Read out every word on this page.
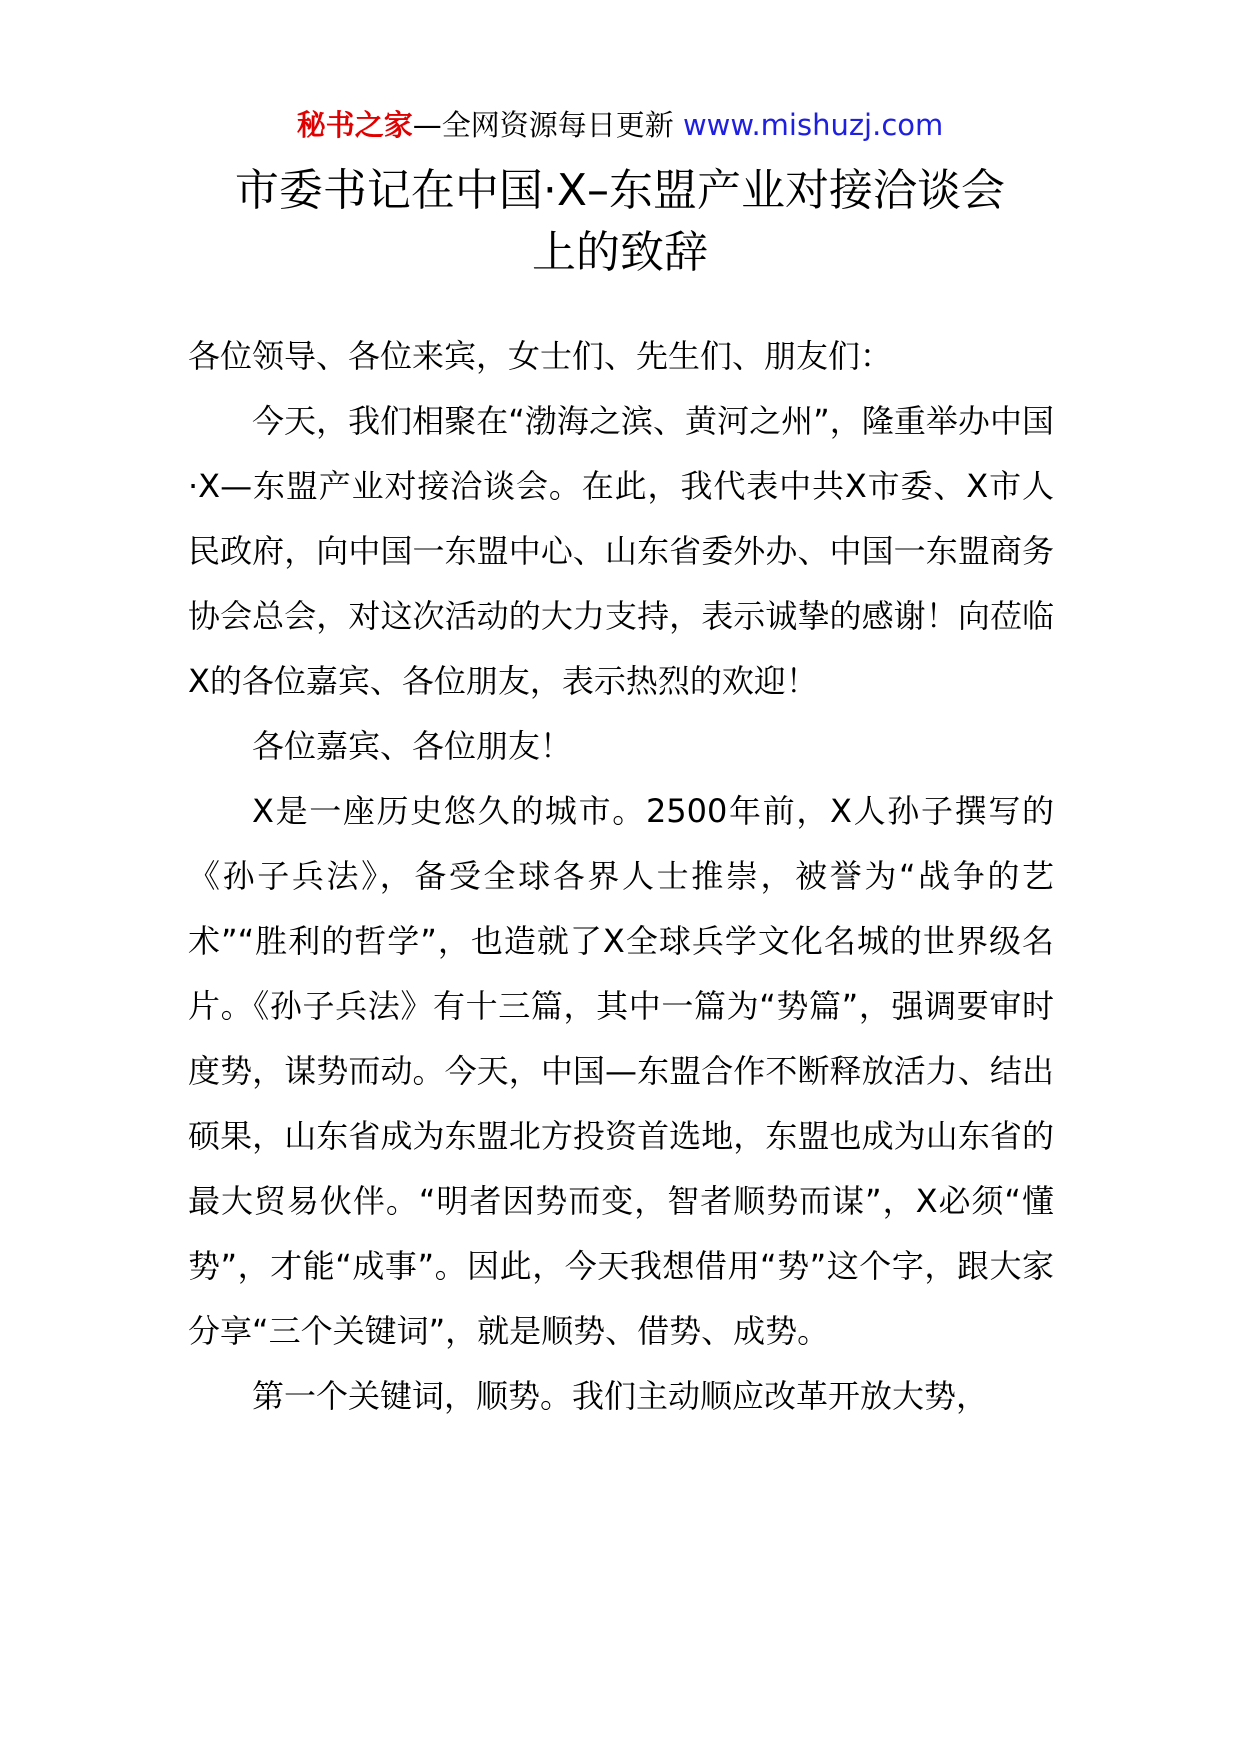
秘书之家—全网资源每日更新 www.mishuzj.com
市委书记在中国·X–东盟产业对接洽谈会
上的致辞

各位领导、各位来宾，女士们、先生们、朋友们：

今天，我们相聚在“渤海之滨、黄河之州”，隆重举办中国·X—东盟产业对接洽谈会。在此，我代表中共X市委、X市人民政府，向中国一东盟中心、山东省委外办、中国一东盟商务协会总会，对这次活动的大力支持，表示诚挚的感谢！向莅临X的各位嘉宾、各位朋友，表示热烈的欢迎！

各位嘉宾、各位朋友！

X是一座历史悠久的城市。2500年前，X人孙子撰写的《孙子兵法》，备受全球各界人士推崇，被誉为“战争的艺术”“胜利的哲学”，也造就了X全球兵学文化名城的世界级名片。《孙子兵法》有十三篇，其中一篇为“势篇”，强调要审时度势，谋势而动。今天，中国—东盟合作不断释放活力、结出硕果，山东省成为东盟北方投资首选地，东盟也成为山东省的最大贸易伙伴。“明者因势而变，智者顺势而谋”，X必须“懂势”，才能“成事”。因此，今天我想借用“势”这个字，跟大家分享“三个关键词”，就是顺势、借势、成势。

第一个关键词，顺势。我们主动顺应改革开放大势，
